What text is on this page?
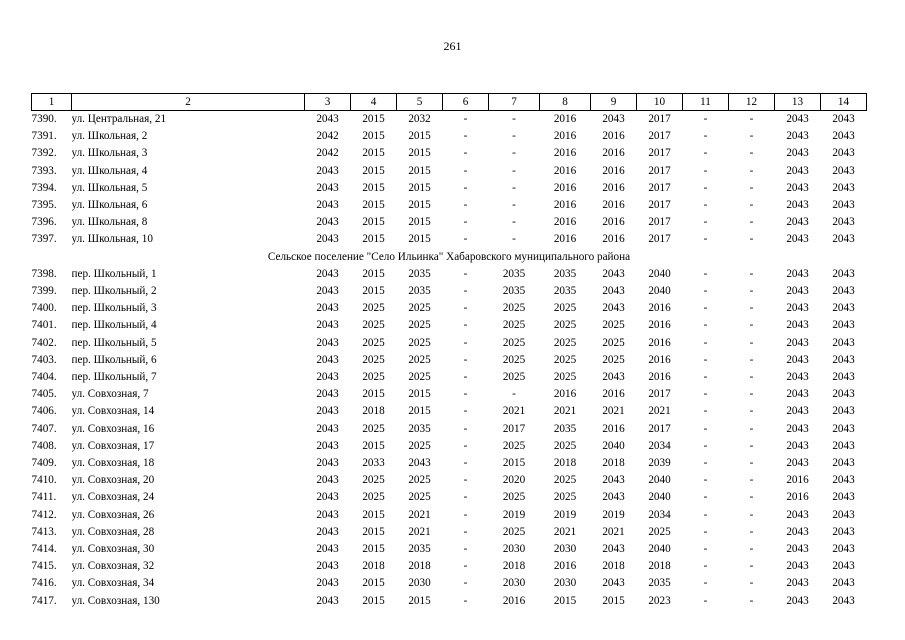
261
1	2	3	4	5	6	7	8	9	10	11	12	13	14
7390.	ул. Центральная, 21	2043	2015	2032	-	-	2016	2043	2017	-	-	2043	2043
7391.	ул. Школьная, 2	2042	2015	2015	-	-	2016	2016	2017	-	-	2043	2043
7392.	ул. Школьная, 3	2042	2015	2015	-	-	2016	2016	2017	-	-	2043	2043
7393.	ул. Школьная, 4	2043	2015	2015	-	-	2016	2016	2017	-	-	2043	2043
7394.	ул. Школьная, 5	2043	2015	2015	-	-	2016	2016	2017	-	-	2043	2043
7395.	ул. Школьная, 6	2043	2015	2015	-	-	2016	2016	2017	-	-	2043	2043
7396.	ул. Школьная, 8	2043	2015	2015	-	-	2016	2016	2017	-	-	2043	2043
7397.	ул. Школьная, 10	2043	2015	2015	-	-	2016	2016	2017	-	-	2043	2043
Сельское поселение "Село Ильинка" Хабаровского муниципального района													
7398.	пер. Школьный, 1	2043	2015	2035	-	2035	2035	2043	2040	-	-	2043	2043
7399.	пер. Школьный, 2	2043	2015	2035	-	2035	2035	2043	2040	-	-	2043	2043
7400.	пер. Школьный, 3	2043	2025	2025	-	2025	2025	2043	2016	-	-	2043	2043
7401.	пер. Школьный, 4	2043	2025	2025	-	2025	2025	2025	2016	-	-	2043	2043
7402.	пер. Школьный, 5	2043	2025	2025	-	2025	2025	2025	2016	-	-	2043	2043
7403.	пер. Школьный, 6	2043	2025	2025	-	2025	2025	2025	2016	-	-	2043	2043
7404.	пер. Школьный, 7	2043	2025	2025	-	2025	2025	2043	2016	-	-	2043	2043
7405.	ул. Совхозная, 7	2043	2015	2015	-	-	2016	2016	2017	-	-	2043	2043
7406.	ул. Совхозная, 14	2043	2018	2015	-	2021	2021	2021	2021	-	-	2043	2043
7407.	ул. Совхозная, 16	2043	2025	2035	-	2017	2035	2016	2017	-	-	2043	2043
7408.	ул. Совхозная, 17	2043	2015	2025	-	2025	2025	2040	2034	-	-	2043	2043
7409.	ул. Совхозная, 18	2043	2033	2043	-	2015	2018	2018	2039	-	-	2043	2043
7410.	ул. Совхозная, 20	2043	2025	2025	-	2020	2025	2043	2040	-	-	2016	2043
7411.	ул. Совхозная, 24	2043	2025	2025	-	2025	2025	2043	2040	-	-	2016	2043
7412.	ул. Совхозная, 26	2043	2015	2021	-	2019	2019	2019	2034	-	-	2043	2043
7413.	ул. Совхозная, 28	2043	2015	2021	-	2025	2021	2021	2025	-	-	2043	2043
7414.	ул. Совхозная, 30	2043	2015	2035	-	2030	2030	2043	2040	-	-	2043	2043
7415.	ул. Совхозная, 32	2043	2018	2018	-	2018	2016	2018	2018	-	-	2043	2043
7416.	ул. Совхозная, 34	2043	2015	2030	-	2030	2030	2043	2035	-	-	2043	2043
7417.	ул. Совхозная, 130	2043	2015	2015	-	2016	2015	2015	2023	-	-	2043	2043
